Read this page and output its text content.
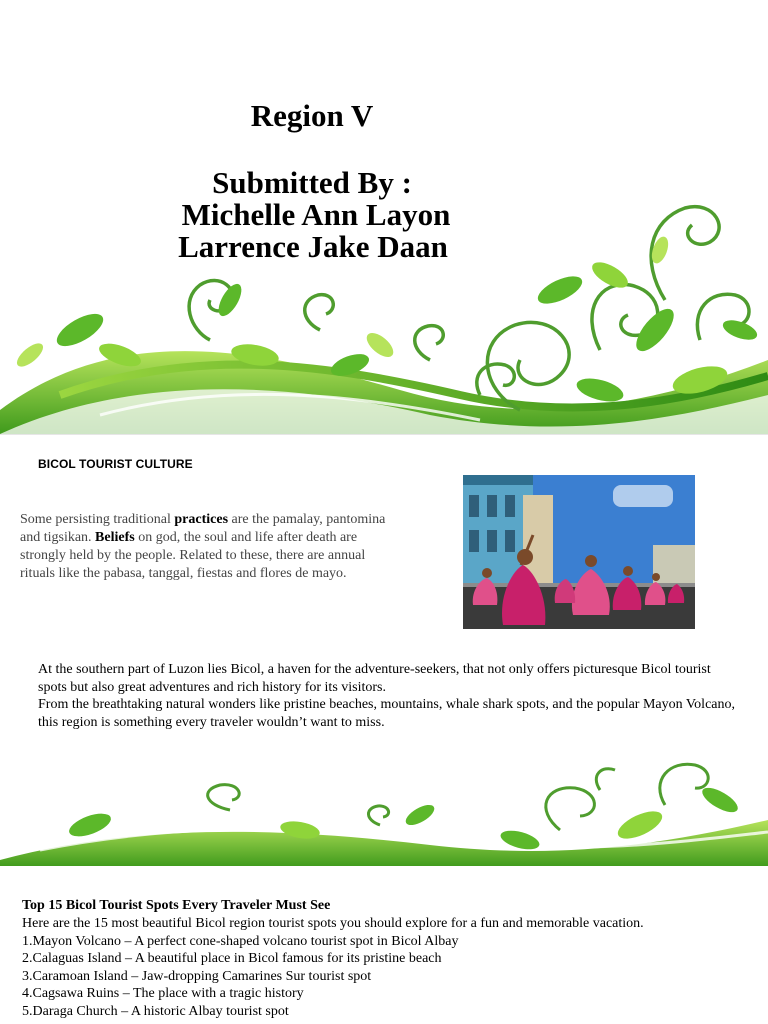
Region V
Submitted By :
Michelle Ann Layon
Larrence Jake Daan
BICOL TOURIST CULTURE
Some persisting traditional practices are the pamalay, pantomina and tigsikan. Beliefs on god, the soul and life after death are strongly held by the people. Related to these, there are annual rituals like the pabasa, tanggal, fiestas and flores de mayo.
At the southern part of Luzon lies Bicol, a haven for the adventure-seekers, that not only offers picturesque Bicol tourist spots but also great adventures and rich history for its visitors.
From the breathtaking natural wonders like pristine beaches, mountains, whale shark spots, and the popular Mayon Volcano, this region is something every traveler wouldn’t want to miss.
Top 15 Bicol Tourist Spots Every Traveler Must See
Here are the 15 most beautiful Bicol region tourist spots you should explore for a fun and memorable vacation.
1.Mayon Volcano – A perfect cone-shaped volcano tourist spot in Bicol Albay
2.Calaguas Island – A beautiful place in Bicol famous for its pristine beach
3.Caramoan Island – Jaw-dropping Camarines Sur tourist spot
4.Cagsawa Ruins – The place with a tragic history
5.Daraga Church – A historic Albay tourist spot
